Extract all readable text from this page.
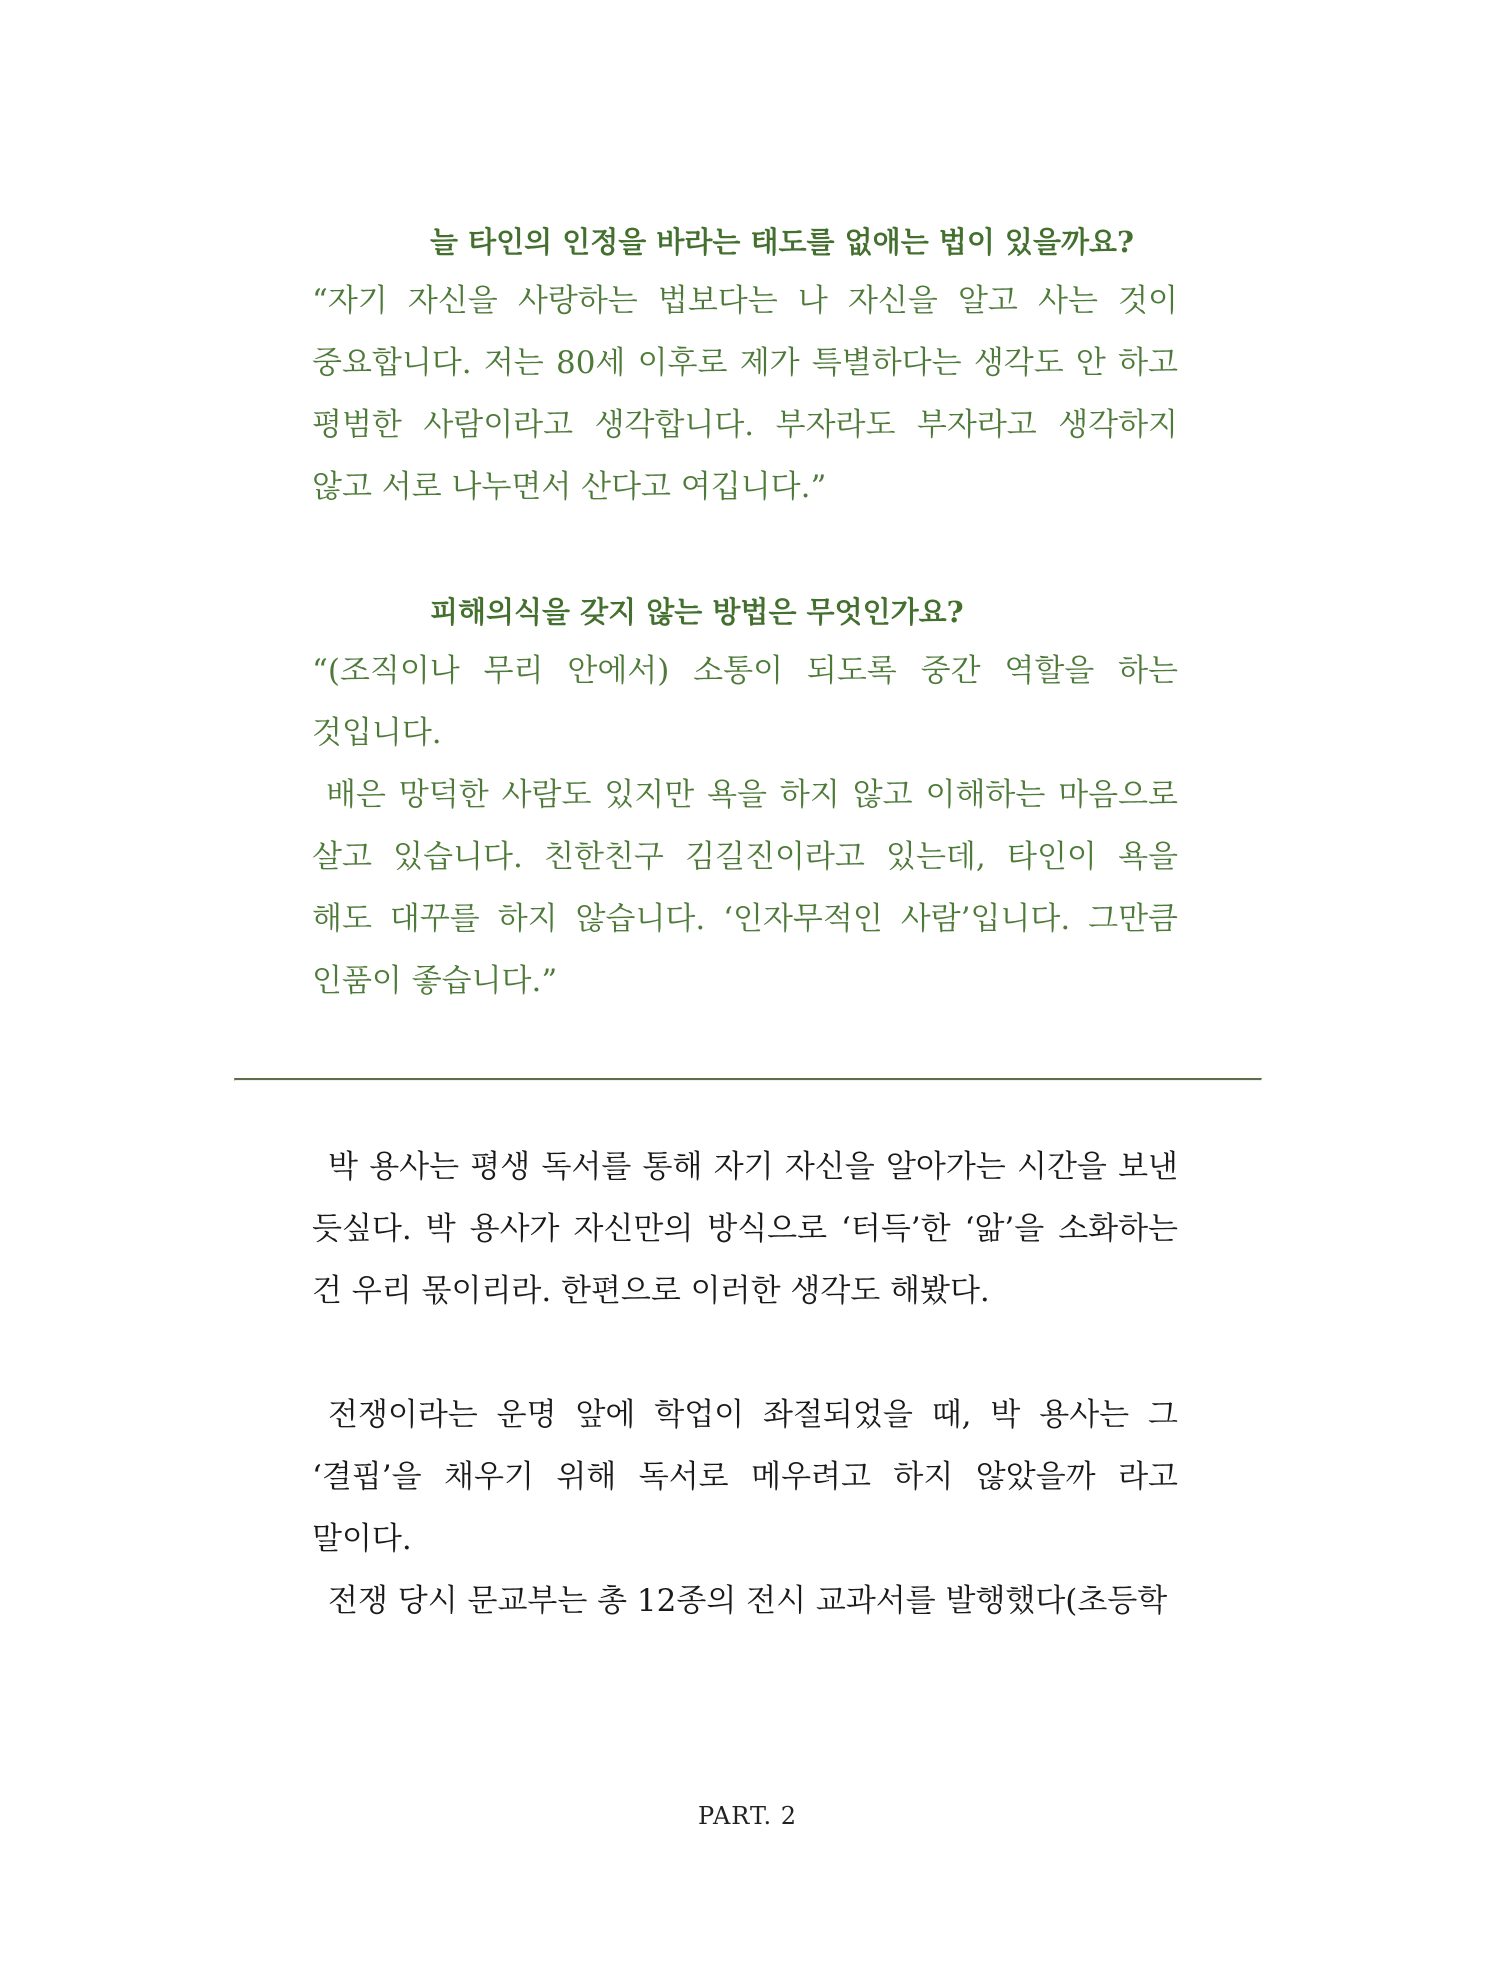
늘 타인의 인정을 바라는 태도를 없애는 법이 있을까요?

“자기 자신을 사랑하는 법보다는 나 자신을 알고 사는 것이 중요합니다. 저는 80세 이후로 제가 특별하다는 생각도 안 하고 평범한 사람이라고 생각합니다. 부자라도 부자라고 생각하지 않고 서로 나누면서 산다고 여깁니다.”

피해의식을 갖지 않는 방법은 무엇인가요?

“(조직이나 무리 안에서) 소통이 되도록 중간 역할을 하는 것입니다.

배은 망덕한 사람도 있지만 욕을 하지 않고 이해하는 마음으로 살고 있습니다. 친한친구 김길진이라고 있는데, 타인이 욕을 해도 대꾸를 하지 않습니다. ‘인자무적인 사람’입니다. 그만큼 인품이 좋습니다.”

박 용사는 평생 독서를 통해 자기 자신을 알아가는 시간을 보낸 듯싶다. 박 용사가 자신만의 방식으로 ‘터득’한 ‘앎’을 소화하는 건 우리 몫이리라. 한편으로 이러한 생각도 해봤다.

전쟁이라는 운명 앞에 학업이 좌절되었을 때, 박 용사는 그 ‘결핍’을 채우기 위해 독서로 메우려고 하지 않았을까 라고 말이다.

전쟁 당시 문교부는 총 12종의 전시 교과서를 발행했다(초등학

PART. 2
